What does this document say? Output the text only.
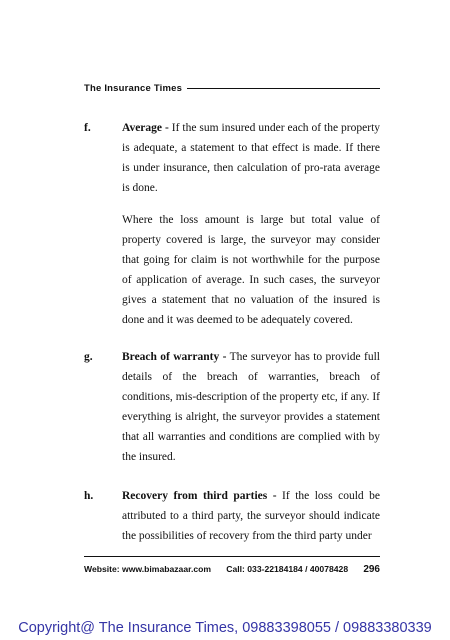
The Insurance Times
f.	Average - If the sum insured under each of the property is adequate, a statement to that effect is made. If there is under insurance, then calculation of pro-rata average is done.

Where the loss amount is large but total value of property covered is large, the surveyor may consider that going for claim is not worthwhile for the purpose of application of average. In such cases, the surveyor gives a statement that no valuation of the insured is done and it was deemed to be adequately covered.

g.	Breach of warranty - The surveyor has to provide full details of the breach of warranties, breach of conditions, mis-description of the property etc, if any. If everything is alright, the surveyor provides a statement that all warranties and conditions are complied with by the insured.

h. Recovery from third parties - If the loss could be attributed to a third party, the surveyor should indicate the possibilities of recovery from the third party under

Website: www.bimabazaar.com Call: 033-22184184 / 40078428 296
Copyright@ The Insurance Times, 09883398055 / 09883380339
